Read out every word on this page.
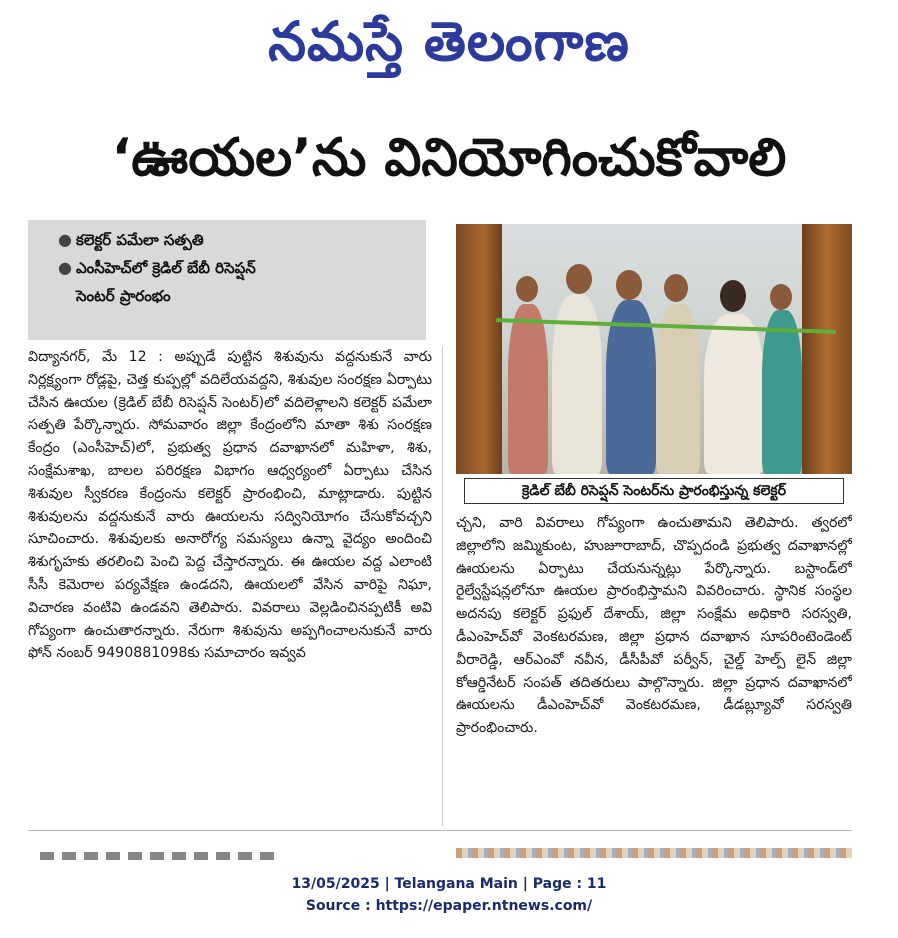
నమస్తే తెలంగాణ
‘ఊయల’ను వినియోగించుకోవాలి
● కలెక్టర్‌ పమేలా సత్పతి
● ఎంసీహెచ్‌లో క్రెడిల్‌ బేబీ రిసెప్షన్
సెంటర్‌ ప్రారంభం
క్రెడిల్‌ బేబీ రిసెప్షన్‌ సెంటర్‌ను ప్రారంభిస్తున్న కలెక్టర్

విద్యానగర్‌, మే 12 : అప్పుడే పుట్టిన శిశువును వద్దనుకునే వారు నిర్లక్ష్యంగా రోడ్లపై, చెత్త కుప్పల్లో వదిలేయవద్దని, శిశువుల సంరక్షణ ఏర్పాటు చేసిన ఊయల (క్రెడిల్‌ బేబీ రిసెప్షన్ సెంటర్‌)లో వదిలెళ్లాలని కలెక్టర్‌ పమేలా సత్పతి పేర్కొన్నారు. సోమవారం జిల్లా కేంద్రంలోని మాతా శిశు సంరక్షణ కేంద్రం (ఎంసీహెచ్‌)లో, ప్రభుత్వ ప్రధాన దవాఖానలో మహిళా, శిశు, సంక్షేమశాఖ, బాలల పరిరక్షణ విభాగం ఆధ్వర్యంలో ఏర్పాటు చేసిన శిశువుల స్వీకరణ కేంద్రంను కలెక్టర్‌ ప్రారంభించి, మాట్లాడారు. పుట్టిన శిశువులను వద్దనుకునే వారు ఊయలను సద్వినియోగం చేసుకోవచ్చని సూచించారు. శిశువులకు అనారోగ్య సమస్యలు ఉన్నా వైద్యం అందించి శిశుగృహకు తరలించి పెంచి పెద్ద చేస్తారన్నారు. ఈ ఊయల వద్ద ఎలాంటి సీసీ కెమెరాల పర్యవేక్షణ ఉండదని, ఊయలలో వేసిన వారిపై నిఘా, విచారణ వంటివి ఉండవని తెలిపారు. వివరాలు వెల్లడించినప్పటికీ అవి గోప్యంగా ఉంచుతారన్నారు. నేరుగా శిశువును అప్పగించాలనుకునే వారు ఫోన్‌ నంబర్‌ 9490881098కు సమాచారం ఇవ్వవ

చ్చని, వారి వివరాలు గోప్యంగా ఉంచుతామని తెలిపారు. త్వరలో జిల్లాలోని జమ్మికుంట, హుజూరాబాద్‌, చొప్పదండి ప్రభుత్వ దవాఖానల్లో ఊయలను ఏర్పాటు చేయనున్నట్లు పేర్కొన్నారు. బస్టాండ్‌లో రైల్వేస్టేషన్లలోనూ ఊయల ప్రారంభిస్తామని వివరించారు. స్థానిక సంస్థల అదనపు కలెక్టర్‌ ప్రఫుల్‌ దేశాయ్‌, జిల్లా సంక్షేమ అధికారి సరస్వతి, డీఎంహెచ్‌వో వెంకటరమణ, జిల్లా ప్రధాన దవాఖాన సూపరింటెండెంట్‌ వీరారెడ్డి, ఆర్‌ఎంవో నవీన, డీసీపీవో పర్వీన్‌, చైల్డ్‌ హెల్ప్‌ లైన్‌ జిల్లా కోఆర్డినేటర్‌ సంపత్‌ తదితరులు పాల్గొన్నారు. జిల్లా ప్రధాన దవాఖానలో ఊయలను డీఎంహెచ్‌వో వెంకటరమణ, డీడబ్ల్యూవో సరస్వతి ప్రారంభించారు.

13/05/2025 | Telangana Main | Page : 11
Source : https://epaper.ntnews.com/
